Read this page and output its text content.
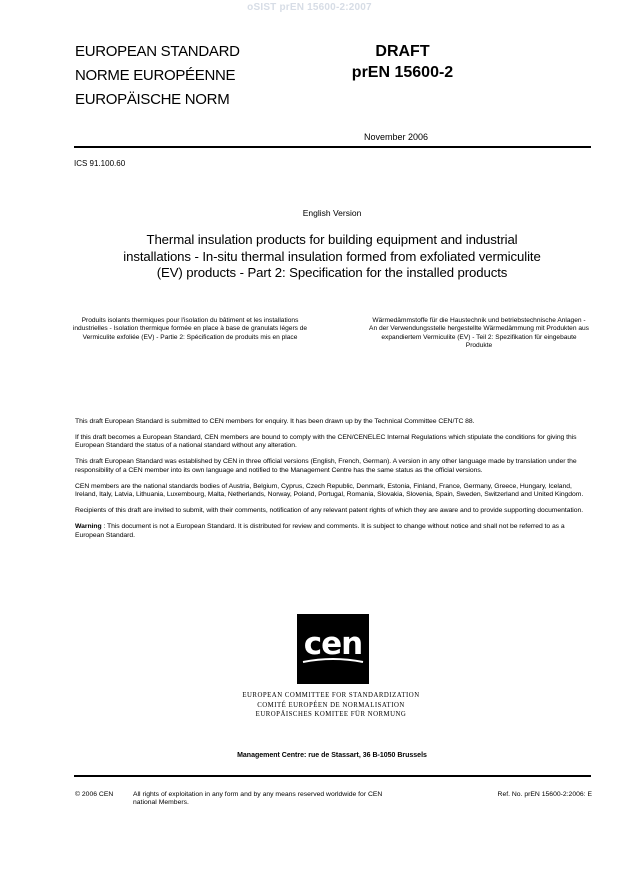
oSIST prEN 15600-2:2007
EUROPEAN STANDARD
NORME EUROPÉENNE
EUROPÄISCHE NORM
DRAFT
prEN 15600-2
November 2006
ICS 91.100.60
English Version
Thermal insulation products for building equipment and industrial installations - In-situ thermal insulation formed from exfoliated vermiculite (EV) products - Part 2: Specification for the installed products
Produits isolants thermiques pour l'isolation du bâtiment et les installations industrielles - Isolation thermique formée en place à base de granulats légers de Vermiculite exfoliée (EV) - Partie 2: Spécification de produits mis en place
Wärmedämmstoffe für die Haustechnik und betriebstechnische Anlagen - An der Verwendungsstelle hergestellte Wärmedämmung mit Produkten aus expandiertem Vermiculite (EV) - Teil 2: Spezifikation für eingebaute Produkte

This draft European Standard is submitted to CEN members for enquiry. It has been drawn up by the Technical Committee CEN/TC 88.

If this draft becomes a European Standard, CEN members are bound to comply with the CEN/CENELEC Internal Regulations which stipulate the conditions for giving this European Standard the status of a national standard without any alteration.

This draft European Standard was established by CEN in three official versions (English, French, German). A version in any other language made by translation under the responsibility of a CEN member into its own language and notified to the Management Centre has the same status as the official versions.

CEN members are the national standards bodies of Austria, Belgium, Cyprus, Czech Republic, Denmark, Estonia, Finland, France, Germany, Greece, Hungary, Iceland, Ireland, Italy, Latvia, Lithuania, Luxembourg, Malta, Netherlands, Norway, Poland, Portugal, Romania, Slovakia, Slovenia, Spain, Sweden, Switzerland and United Kingdom.

Recipients of this draft are invited to submit, with their comments, notification of any relevant patent rights of which they are aware and to provide supporting documentation.

Warning : This document is not a European Standard. It is distributed for review and comments. It is subject to change without notice and shall not be referred to as a European Standard.

cen
EUROPEAN COMMITTEE FOR STANDARDIZATION
COMITÉ EUROPÉEN DE NORMALISATION
EUROPÄISCHES KOMITEE FÜR NORMUNG
Management Centre: rue de Stassart, 36 B-1050 Brussels
© 2006 CEN	All rights of exploitation in any form and by any means reserved worldwide for CEN national Members.
Ref. No. prEN 15600-2:2006: E
